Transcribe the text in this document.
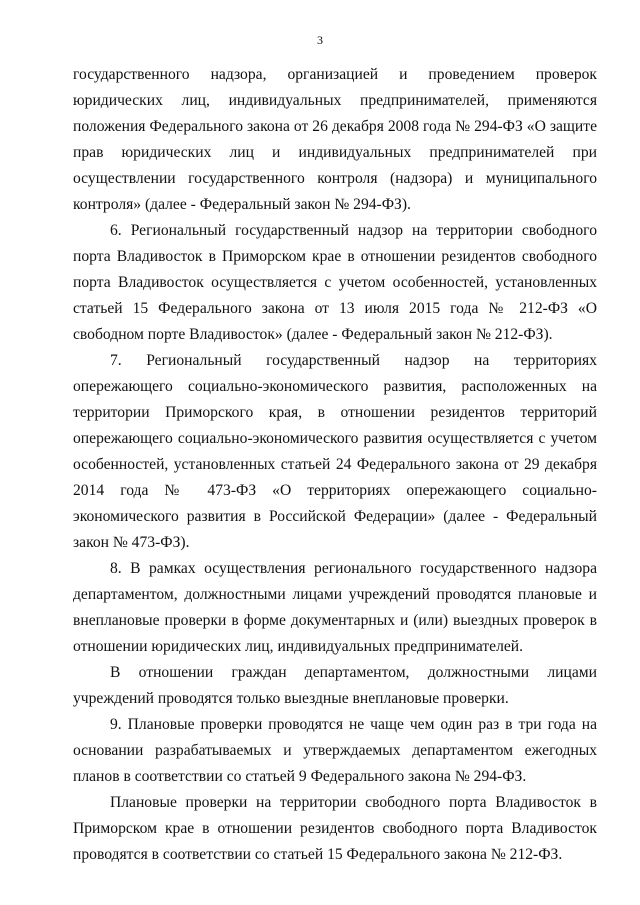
3

государственного надзора, организацией и проведением проверок юридических лиц, индивидуальных предпринимателей, применяются положения Федерального закона от 26 декабря 2008 года № 294-ФЗ «О защите прав юридических лиц и индивидуальных предпринимателей при осуществлении государственного контроля (надзора) и муниципального контроля» (далее - Федеральный закон № 294-ФЗ).

6. Региональный государственный надзор на территории свободного порта Владивосток в Приморском крае в отношении резидентов свободного порта Владивосток осуществляется с учетом особенностей, установленных статьей 15 Федерального закона от 13 июля 2015 года № 212-ФЗ «О свободном порте Владивосток» (далее - Федеральный закон № 212-ФЗ).

7. Региональный государственный надзор на территориях опережающего социально-экономического развития, расположенных на территории Приморского края, в отношении резидентов территорий опережающего социально-экономического развития осуществляется с учетом особенностей, установленных статьей 24 Федерального закона от 29 декабря 2014 года № 473-ФЗ «О территориях опережающего социально-экономического развития в Российской Федерации» (далее - Федеральный закон № 473-ФЗ).

8. В рамках осуществления регионального государственного надзора департаментом, должностными лицами учреждений проводятся плановые и внеплановые проверки в форме документарных и (или) выездных проверок в отношении юридических лиц, индивидуальных предпринимателей.

В отношении граждан департаментом, должностными лицами учреждений проводятся только выездные внеплановые проверки.

9. Плановые проверки проводятся не чаще чем один раз в три года на основании разрабатываемых и утверждаемых департаментом ежегодных планов в соответствии со статьей 9 Федерального закона № 294-ФЗ.

Плановые проверки на территории свободного порта Владивосток в Приморском крае в отношении резидентов свободного порта Владивосток проводятся в соответствии со статьей 15 Федерального закона № 212-ФЗ.
